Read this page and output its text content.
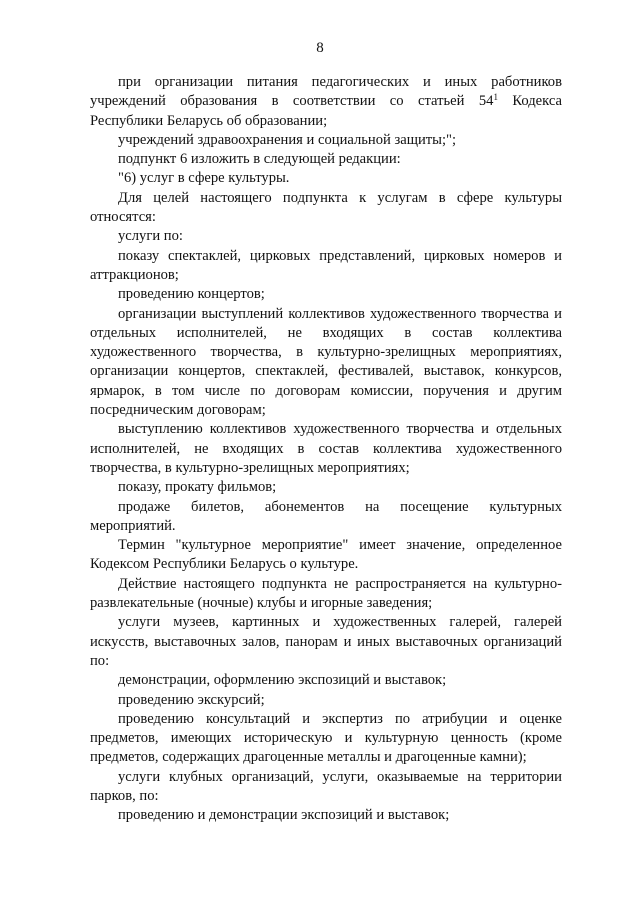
8

при организации питания педагогических и иных работников учреждений образования в соответствии со статьей $54^1$ Кодекса Республики Беларусь об образовании;

учреждений здравоохранения и социальной защиты;";

подпункт 6 изложить в следующей редакции:

"6) услуг в сфере культуры.

Для целей настоящего подпункта к услугам в сфере культуры относятся:

услуги по:

показу спектаклей, цирковых представлений, цирковых номеров и аттракционов;

проведению концертов;

организации выступлений коллективов художественного творчества и отдельных исполнителей, не входящих в состав коллектива художественного творчества, в культурно-зрелищных мероприятиях, организации концертов, спектаклей, фестивалей, выставок, конкурсов, ярмарок, в том числе по договорам комиссии, поручения и другим посредническим договорам;

выступлению коллективов художественного творчества и отдельных исполнителей, не входящих в состав коллектива художественного творчества, в культурно-зрелищных мероприятиях;

показу, прокату фильмов;

продаже билетов, абонементов на посещение культурных мероприятий.

Термин "культурное мероприятие" имеет значение, определенное Кодексом Республики Беларусь о культуре.

Действие настоящего подпункта не распространяется на культурно-развлекательные (ночные) клубы и игорные заведения;

услуги музеев, картинных и художественных галерей, галерей искусств, выставочных залов, панорам и иных выставочных организаций по:

демонстрации, оформлению экспозиций и выставок;

проведению экскурсий;

проведению консультаций и экспертиз по атрибуции и оценке предметов, имеющих историческую и культурную ценность (кроме предметов, содержащих драгоценные металлы и драгоценные камни);

услуги клубных организаций, услуги, оказываемые на территории парков, по:

проведению и демонстрации экспозиций и выставок;
